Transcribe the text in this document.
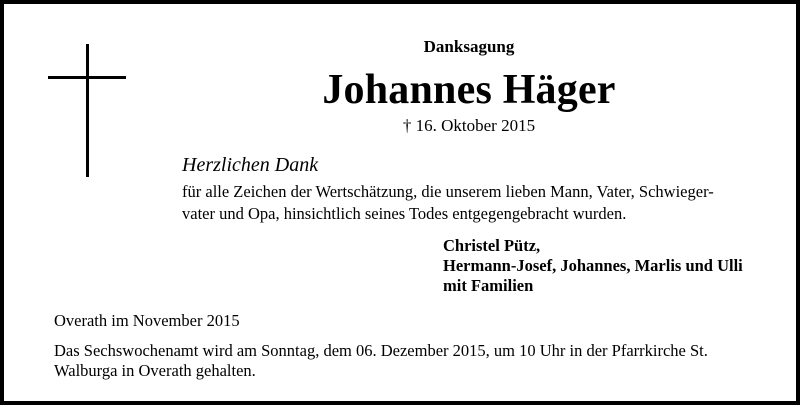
Danksagung
Johannes Häger
† 16. Oktober 2015
Herzlichen Dank
für alle Zeichen der Wertschätzung, die unserem lieben Mann, Vater, Schwieger-
vater und Opa, hinsichtlich seines Todes entgegengebracht wurden.
Christel Pütz,
Hermann-Josef, Johannes, Marlis und Ulli
mit Familien
Overath im November 2015
Das Sechswochenamt wird am Sonntag, dem 06. Dezember 2015, um 10 Uhr in der Pfarrkirche St.
Walburga in Overath gehalten.
